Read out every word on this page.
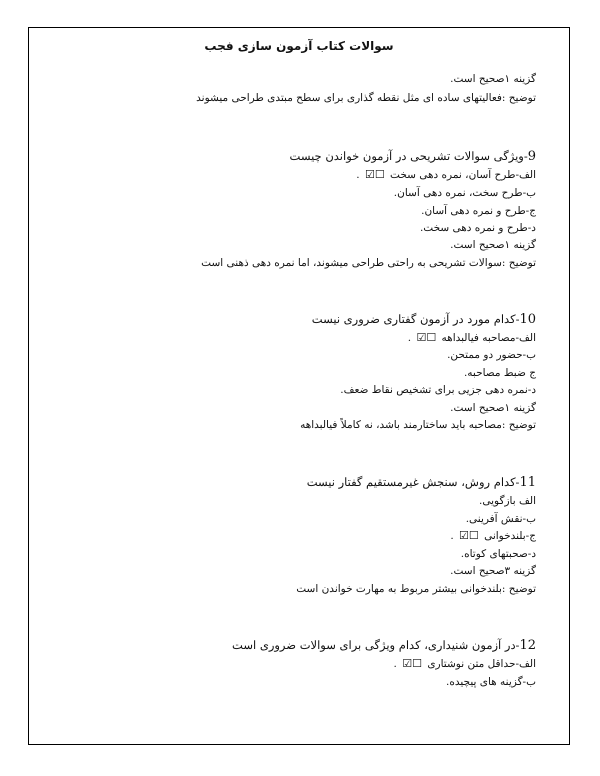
سوالات کتاب آزمون سازی فجب
گزینه ۱صحیح است.
توضیح :فعالیتهای ساده ای مثل نقطه گذاری برای سطح مبتدی طراحی میشوند
9-ویژگی سوالات تشریحی در آزمون خواندن چیست
الف-طرح آسان، نمره دهی سخت ☐☑ .
ب-طرح سخت، نمره دهی آسان.
ج-طرح و نمره دهی آسان.
د-طرح و نمره دهی سخت.
گزینه ۱صحیح است.
توضیح :سوالات تشریحی به راحتی طراحی میشوند، اما نمره دهی ذهنی است
10-کدام مورد در آزمون گفتاری ضروری نیست
الف-مصاحبه فیالبداهه ☐☑ .
ب-حضور دو ممتحن.
ج ضبط مصاحبه.
د-نمره دهی جزیی برای تشخیص نقاط ضعف.
گزینه ۱صحیح است.
توضیح :مصاحبه باید ساختارمند باشد، نه کاملاً فیالبداهه
11-کدام روش، سنجش غیرمستقیم گفتار نیست
الف بازگویی.
ب-نقش آفرینی.
ج-بلندخوانی ☐☑ .
د-صحبتهای کوتاه.
گزینه ۳صحیح است.
توضیح :بلندخوانی بیشتر مربوط به مهارت خواندن است
12-در آزمون شنیداری، کدام ویژگی برای سوالات ضروری است
الف-حداقل متن نوشتاری ☐☑ .
ب-گزینه های پیچیده.
